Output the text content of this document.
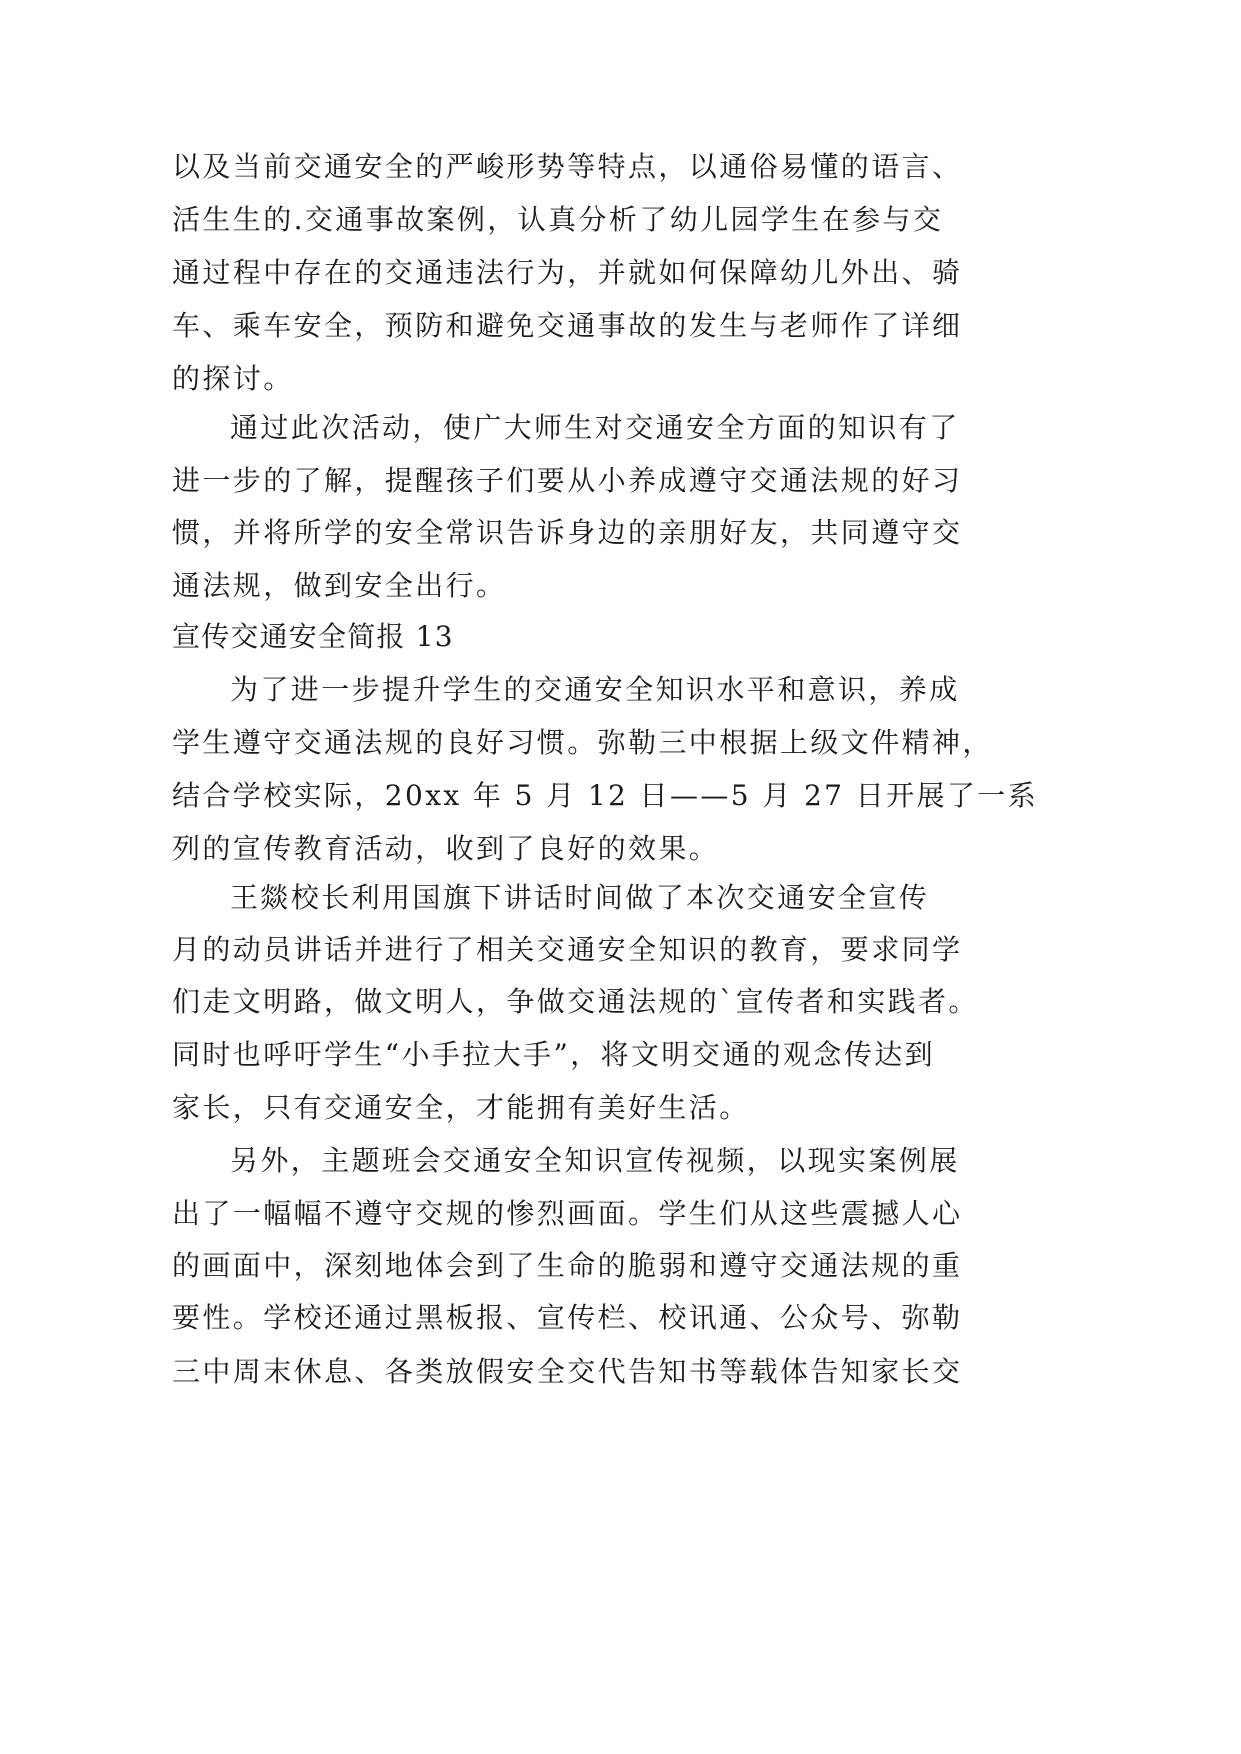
以及当前交通安全的严峻形势等特点，以通俗易懂的语言、
活生生的.交通事故案例，认真分析了幼儿园学生在参与交
通过程中存在的交通违法行为，并就如何保障幼儿外出、骑
车、乘车安全，预防和避免交通事故的发生与老师作了详细
的探讨。
通过此次活动，使广大师生对交通安全方面的知识有了
进一步的了解，提醒孩子们要从小养成遵守交通法规的好习
惯，并将所学的安全常识告诉身边的亲朋好友，共同遵守交
通法规，做到安全出行。
宣传交通安全简报 13
为了进一步提升学生的交通安全知识水平和意识，养成
学生遵守交通法规的良好习惯。弥勒三中根据上级文件精神，
结合学校实际，20xx 年 5 月 12 日——5 月 27 日开展了一系
列的宣传教育活动，收到了良好的效果。
王燚校长利用国旗下讲话时间做了本次交通安全宣传
月的动员讲话并进行了相关交通安全知识的教育，要求同学
们走文明路，做文明人，争做交通法规的`宣传者和实践者。
同时也呼吁学生“小手拉大手”，将文明交通的观念传达到
家长，只有交通安全，才能拥有美好生活。
另外，主题班会交通安全知识宣传视频，以现实案例展
出了一幅幅不遵守交规的惨烈画面。学生们从这些震撼人心
的画面中，深刻地体会到了生命的脆弱和遵守交通法规的重
要性。学校还通过黑板报、宣传栏、校讯通、公众号、弥勒
三中周末休息、各类放假安全交代告知书等载体告知家长交
